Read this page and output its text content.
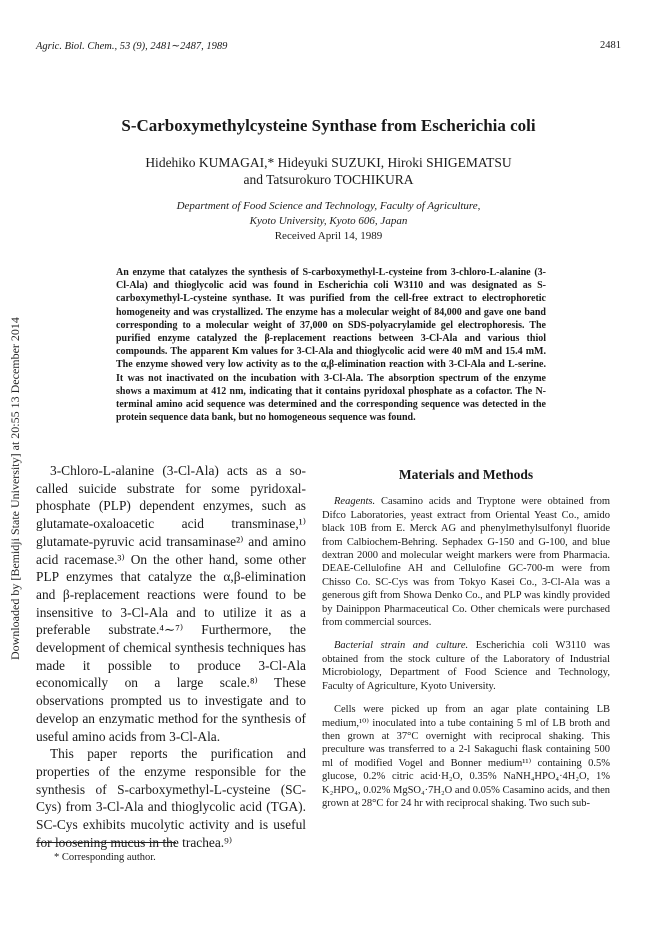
Agric. Biol. Chem., 53 (9), 2481∼2487, 1989	2481
Downloaded by [Bemidji State University] at 20:55 13 December 2014
S-Carboxymethylcysteine Synthase from Escherichia coli
Hidehiko KUMAGAI,* Hideyuki SUZUKI, Hiroki SHIGEMATSU
and Tatsurokuro TOCHIKURA
Department of Food Science and Technology, Faculty of Agriculture,
Kyoto University, Kyoto 606, Japan
Received April 14, 1989
An enzyme that catalyzes the synthesis of S-carboxymethyl-L-cysteine from 3-chloro-L-alanine (3-Cl-Ala) and thioglycolic acid was found in Escherichia coli W3110 and was designated as S-carboxymethyl-L-cysteine synthase. It was purified from the cell-free extract to electrophoretic homogeneity and was crystallized. The enzyme has a molecular weight of 84,000 and gave one band corresponding to a molecular weight of 37,000 on SDS-polyacrylamide gel electrophoresis. The purified enzyme catalyzed the β-replacement reactions between 3-Cl-Ala and various thiol compounds. The apparent Km values for 3-Cl-Ala and thioglycolic acid were 40 mM and 15.4 mM. The enzyme showed very low activity as to the α,β-elimination reaction with 3-Cl-Ala and L-serine. It was not inactivated on the incubation with 3-Cl-Ala. The absorption spectrum of the enzyme shows a maximum at 412 nm, indicating that it contains pyridoxal phosphate as a cofactor. The N-terminal amino acid sequence was determined and the corresponding sequence was detected in the protein sequence data bank, but no homogeneous sequence was found.

3-Chloro-L-alanine (3-Cl-Ala) acts as a so-called suicide substrate for some pyridoxal-phosphate (PLP) dependent enzymes, such as glutamate-oxaloacetic acid transminase,¹⁾ glutamate-pyruvic acid transaminase²⁾ and amino acid racemase.³⁾ On the other hand, some other PLP enzymes that catalyze the α,β-elimination and β-replacement reactions were found to be insensitive to 3-Cl-Ala and to utilize it as a preferable substrate.⁴∼⁷⁾ Furthermore, the development of chemical synthesis techniques has made it possible to produce 3-Cl-Ala economically on a large scale.⁸⁾ These observations prompted us to investigate and to develop an enzymatic method for the synthesis of useful amino acids from 3-Cl-Ala.

This paper reports the purification and properties of the enzyme responsible for the synthesis of S-carboxymethyl-L-cysteine (SC-Cys) from 3-Cl-Ala and thioglycolic acid (TGA). SC-Cys exhibits mucolytic activity and is useful for loosening mucus in the trachea.⁹⁾

Materials and Methods

Reagents. Casamino acids and Tryptone were obtained from Difco Laboratories, yeast extract from Oriental Yeast Co., amido black 10B from E. Merck AG and phenylmethylsulfonyl fluoride from Calbiochem-Behring. Sephadex G-150 and G-100, and blue dextran 2000 and molecular weight markers were from Pharmacia. DEAE-Cellulofine AH and Cellulofine GC-700-m were from Chisso Co. SC-Cys was from Tokyo Kasei Co., 3-Cl-Ala was a generous gift from Showa Denko Co., and PLP was kindly provided by Dainippon Pharmaceutical Co. Other chemicals were purchased from commercial sources.

Bacterial strain and culture. Escherichia coli W3110 was obtained from the stock culture of the Laboratory of Industrial Microbiology, Department of Food Science and Technology, Faculty of Agriculture, Kyoto University.

Cells were picked up from an agar plate containing LB medium,¹⁰⁾ inoculated into a tube containing 5 ml of LB broth and then grown at 37°C overnight with reciprocal shaking. This preculture was transferred to a 2-l Sakaguchi flask containing 500 ml of modified Vogel and Bonner medium¹¹⁾ containing 0.5% glucose, 0.2% citric acid·H₂O, 0.35% NaNH₄HPO₄·4H₂O, 1% K₂HPO₄, 0.02% MgSO₄·7H₂O and 0.05% Casamino acids, and then grown at 28°C for 24 hr with reciprocal shaking. Two such sub-

* Corresponding author.
